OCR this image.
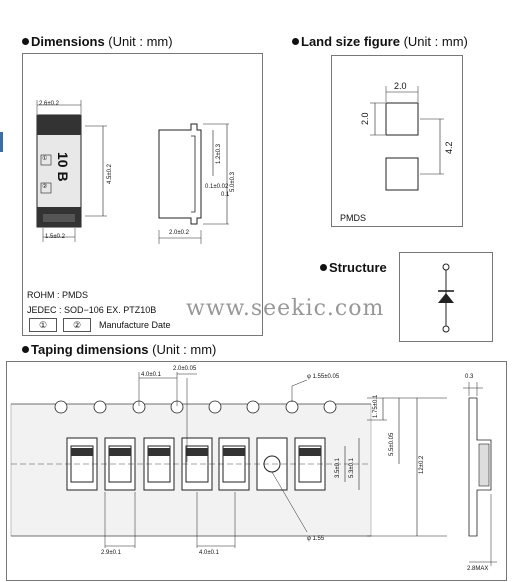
Dimensions (Unit : mm)	Land size figure (Unit : mm)
Structure
Taping dimensions (Unit : mm)
2.6±0.2
4.5±0.2
1.5±0.2
10 B
①
②
1.2±0.3
5.0±0.3
0.1±0.02
0.1
2.0±0.2
ROHM : PMDS
JEDEC : SOD−106 EX. PTZ10B
①	②	Manufacture Date
2.0
2.0
4.2
PMDS
www.seekic.com
4.0±0.1
2.0±0.05
φ 1.55±0.05
1.75±0.1
5.5±0.05
12±0.2
5.3±0.1
3.5±0.1
φ 1.55
2.9±0.1	4.0±0.1
0.3
2.8MAX
